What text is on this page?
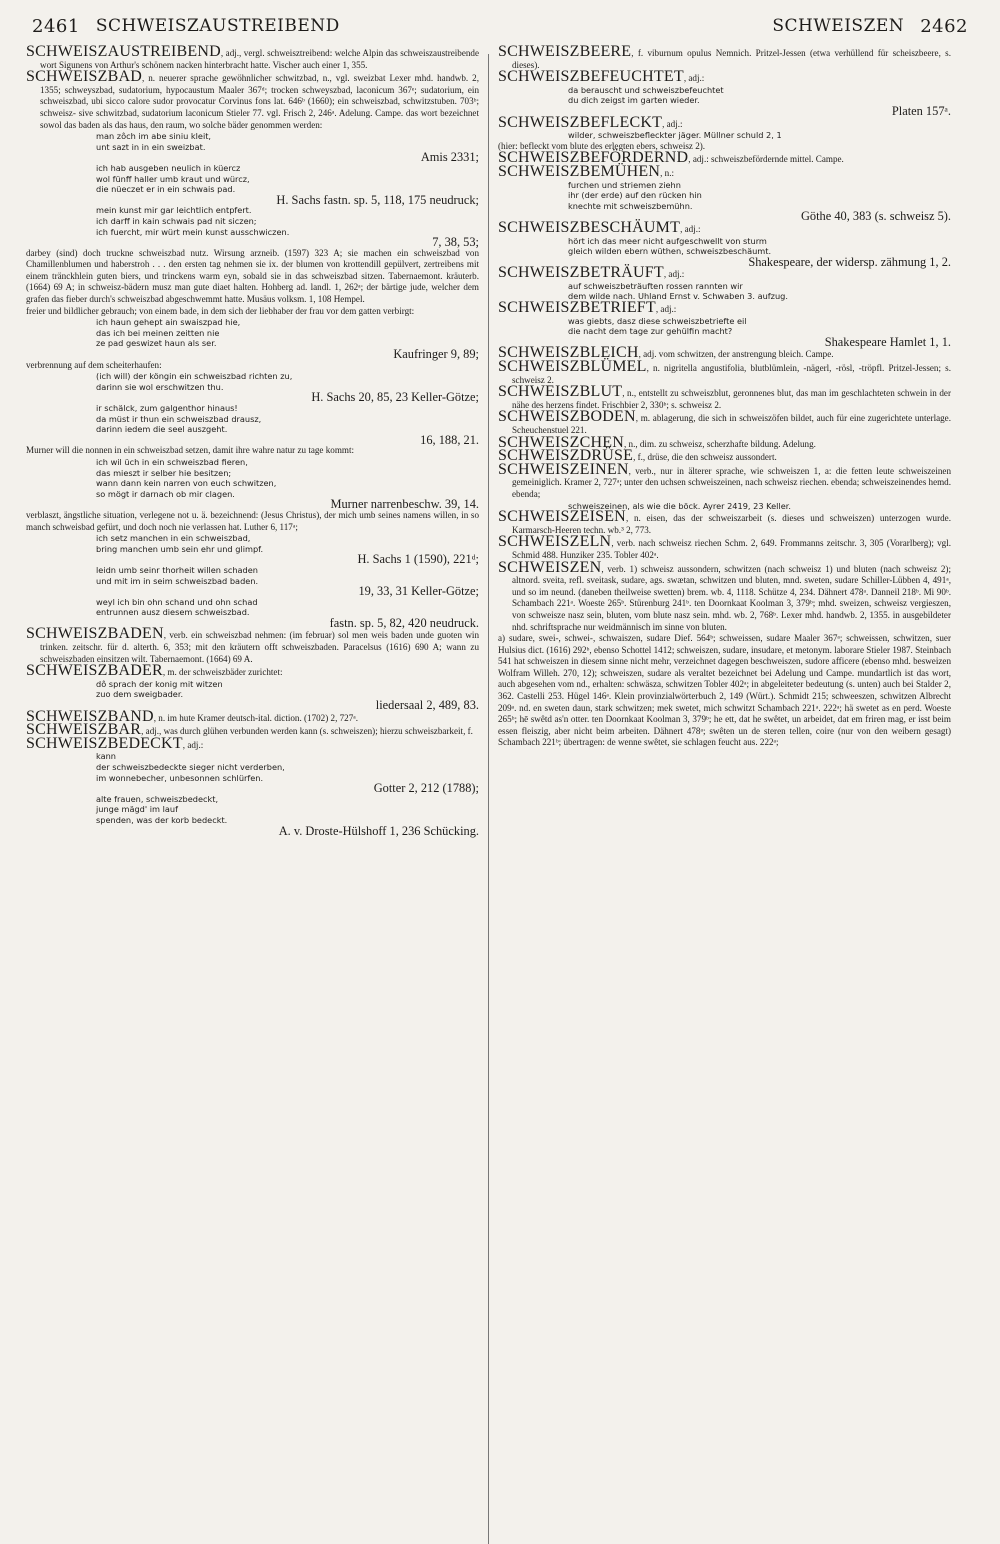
2461 SCHWEISZAUSTREIBEND	SCHWEISZEN 2462

SCHWEISZAUSTREIBEND, adj., vergl. schweisztreibend: welche Alpin das schweiszaustreibende wort Sigunens von Arthur's schönem nacken hinterbracht hatte. Vischer auch einer 1, 355.

SCHWEISZBAD, n. neuerer sprache gewöhnlicher schwitzbad, n., vgl. sweizbat Lexer mhd. handwb. 2, 1355; schweyszbad, sudatorium, hypocaustum Maaler 367ᵈ; trocken schweyszbad, laconicum 367ᵉ; sudatorium, ein schweiszbad, ubi sicco calore sudor provocatur Corvinus fons lat. 646ᵇ (1660); ein schweiszbad, schwitzstuben. 703ᵇ; schweisz- sive schwitzbad, sudatorium laconicum Stieler 77. vgl. Frisch 2, 246ᵃ. Adelung. Campe. das wort bezeichnet sowol das baden als das haus, den raum, wo solche bäder genommen werden:

man zôch im abe siniu kleit,
unt sazt in in ein sweizbat.
Amis 2331;
ich hab ausgeben neulich in küercz
wol fünff haller umb kraut und würcz,
die nüeczet er in ein schwais pad.
H. Sachs fastn. sp. 5, 118, 175 neudruck;
mein kunst mir gar leichtlich entpfert.
ich darff in kain schwais pad nit siczen;
ich fuercht, mir würt mein kunst ausschwiczen.
7, 38, 53;

darbey (sind) doch truckne schweiszbad nutz. Wirsung arzneib. (1597) 323 A; sie machen ein schweiszbad von Chamillenblumen und haberstroh . . . den ersten tag nehmen sie ix. der blumen von krottendill gepülvert, zertreibens mit einem tränckhlein guten biers, und trinckens warm eyn, sobald sie in das schweiszbad sitzen. Tabernaemont. kräuterb. (1664) 69 A; in schweisz-bädern musz man gute diaet halten. Hohberg ad. landl. 1, 262ᵃ; der bärtige jude, welcher dem grafen das fieber durch's schweiszbad abgeschwemmt hatte. Musäus volksm. 1, 108 Hempel.

freier und bildlicher gebrauch; von einem bade, in dem sich der liebhaber der frau vor dem gatten verbirgt:

ich haun gehept ain swaiszpad hie,
das ich bei meinen zeitten nie
ze pad geswizet haun als ser.
Kaufringer 9, 89;

verbrennung auf dem scheiterhaufen:

(ich will) der köngin ein schweiszbad richten zu,
darinn sie wol erschwitzen thu.
H. Sachs 20, 85, 23 Keller-Götze;
ir schälck, zum galgenthor hinaus!
da müst ir thun ein schweiszbad drausz,
darinn iedem die seel auszgeht.
16, 188, 21.

Murner will die nonnen in ein schweiszbad setzen, damit ihre wahre natur zu tage kommt:

ich wil üch in ein schweiszbad fieren,
das mieszt ir selber hie besitzen;
wann dann kein narren von euch schwitzen,
so mögt ir darnach ob mir clagen.
Murner narrenbeschw. 39, 14.

verblaszt, ängstliche situation, verlegene not u. ä. bezeichnend: (Jesus Christus), der mich umb seines namens willen, in so manch schweisbad gefürt, und doch noch nie verlassen hat. Luther 6, 117ᵃ;

ich setz manchen in ein schweiszbad,
bring manchen umb sein ehr und glimpf.
H. Sachs 1 (1590), 221ᵈ;
leidn umb seinr thorheit willen schaden
und mit im in seim schweiszbad baden.
19, 33, 31 Keller-Götze;
weyl ich bin ohn schand und ohn schad
entrunnen ausz diesem schweiszbad.
fastn. sp. 5, 82, 420 neudruck.

SCHWEISZBADEN, verb. ein schweiszbad nehmen: (im februar) sol men weis baden unde guoten win trinken. zeitschr. für d. alterth. 6, 353; mit den kräutern offt schweiszbaden. Paracelsus (1616) 690 A; wann zu schweiszbaden einsitzen wilt. Tabernaemont. (1664) 69 A.

SCHWEISZBADER, m. der schweiszbäder zurichtet:

dô sprach der konig mit witzen
zuo dem sweigbader.
liedersaal 2, 489, 83.

SCHWEISZBAND, n. im hute Kramer deutsch-ital. diction. (1702) 2, 727ᵃ.

SCHWEISZBAR, adj., was durch glühen verbunden werden kann (s. schweiszen); hierzu schweiszbarkeit, f.

SCHWEISZBEDECKT, adj.:

kann
der schweiszbedeckte sieger nicht verderben,
im wonnebecher, unbesonnen schlürfen.
Gotter 2, 212 (1788);
alte frauen, schweiszbedeckt,
junge mägd' im lauf
spenden, was der korb bedeckt.
A. v. Droste-Hülshoff 1, 236 Schücking.

SCHWEISZBEERE, f. viburnum opulus Nemnich. Pritzel-Jessen (etwa verhüllend für scheiszbeere, s. dieses).

SCHWEISZBEFEUCHTET, adj.:

da berauscht und schweiszbefeuchtet
du dich zeigst im garten wieder.
Platen 157ᵃ.

SCHWEISZBEFLECKT, adj.:

wilder, schweiszbefleckter jäger. Müllner schuld 2, 1

(hier: befleckt vom blute des erlegten ebers, schweisz 2).

SCHWEISZBEFÖRDERND, adj.: schweiszbefördernde mittel. Campe.

SCHWEISZBEMÜHEN, n.:

furchen und striemen ziehn
ihr (der erde) auf den rücken hin
knechte mit schweiszbemühn.
Göthe 40, 383 (s. schweisz 5).

SCHWEISZBESCHÄUMT, adj.:

hört ich das meer nicht aufgeschwellt von sturm
gleich wilden ebern wüthen, schweiszbeschäumt.
Shakespeare, der widersp. zähmung 1, 2.

SCHWEISZBETRÄUFT, adj.:

auf schweiszbeträuften rossen rannten wir
dem wilde nach. Uhland Ernst v. Schwaben 3. aufzug.

SCHWEISZBETRIEFT, adj.:

was giebts, dasz diese schweiszbetriefte eil
die nacht dem tage zur gehülfin macht?
Shakespeare Hamlet 1, 1.

SCHWEISZBLEICH, adj. vom schwitzen, der anstrengung bleich. Campe.

SCHWEISZBLÜMEL, n. nigritella angustifolia, blutblümlein, -nägerl, -rösl, -tröpfl. Pritzel-Jessen; s. schweisz 2.

SCHWEISZBLUT, n., entstellt zu schweiszblut, geronnenes blut, das man im geschlachteten schwein in der nähe des herzens findet. Frischbier 2, 330ᵇ; s. schweisz 2.

SCHWEISZBODEN, m. ablagerung, die sich in schweiszöfen bildet, auch für eine zugerichtete unterlage. Scheuchenstuel 221.

SCHWEISZCHEN, n., dim. zu schweisz, scherzhafte bildung. Adelung.

SCHWEISZDRÜSE, f., drüse, die den schweisz aussondert.

SCHWEISZEINEN, verb., nur in älterer sprache, wie schweiszen 1, a: die fetten leute schweiszeinen gemeiniglich. Kramer 2, 727ᵃ; unter den uchsen schweiszeinen, nach schweisz riechen. ebenda; schweiszeinendes hemd. ebenda;

schweiszeinen, als wie die böck. Ayrer 2419, 23 Keller.

SCHWEISZEISEN, n. eisen, das der schweiszarbeit (s. dieses und schweiszen) unterzogen wurde. Karmarsch-Heeren techn. wb.³ 2, 773.

SCHWEISZELN, verb. nach schweisz riechen Schm. 2, 649. Frommanns zeitschr. 3, 305 (Vorarlberg); vgl. Schmid 488. Hunziker 235. Tobler 402ᵃ.

SCHWEISZEN, verb. 1) schweisz aussondern, schwitzen (nach schweisz 1) und bluten (nach schweisz 2); altnord. sveita, refl. sveitask, sudare, ags. swætan, schwitzen und bluten, mnd. sweten, sudare Schiller-Lübben 4, 491ᵃ, und so im neund. (daneben theilweise swetten) brem. wb. 4, 1118. Schütze 4, 234. Dähnert 478ᵃ. Danneil 218ᵇ. Mi 90ᵇ. Schambach 221ᵃ. Woeste 265ᵇ. Stürenburg 241ᵇ. ten Doornkaat Koolman 3, 379ᵇ; mhd. sweizen, schweisz vergieszen, von schweisze nasz sein, bluten, vom blute nasz sein. mhd. wb. 2, 768ᵇ. Lexer mhd. handwb. 2, 1355. in ausgebildeter nhd. schriftsprache nur weidmännisch im sinne von bluten.

a) sudare, swei-, schwei-, schwaiszen, sudare Dief. 564ᵇ; schweissen, sudare Maaler 367ᵃ; schweissen, schwitzen, suer Hulsius dict. (1616) 292ᵇ, ebenso Schottel 1412; schweiszen, sudare, insudare, et metonym. laborare Stieler 1987. Steinbach 541 hat schweiszen in diesem sinne nicht mehr, verzeichnet dagegen beschweiszen, sudore afficere (ebenso mhd. besweizen Wolfram Willeh. 270, 12); schweiszen, sudare als veraltet bezeichnet bei Adelung und Campe. mundartlich ist das wort, auch abgesehen vom nd., erhalten: schwäsza, schwitzen Tobler 402ᵃ; in abgeleiteter bedeutung (s. unten) auch bei Stalder 2, 362. Castelli 253. Hügel 146ᵃ. Klein provinzialwörterbuch 2, 149 (Würt.). Schmidt 215; schweeszen, schwitzen Albrecht 209ᵃ. nd. en sweten daun, stark schwitzen; mek swetet, mich schwitzt Schambach 221ᵃ. 222ᵃ; hä swetet as en perd. Woeste 265ᵇ; hē swêtd as'n otter. ten Doornkaat Koolman 3, 379ᵇ; he ett, dat he swêtet, un arbeidet, dat em friren mag, er isst beim essen fleiszig, aber nicht beim arbeiten. Dähnert 478ᵃ; swêten un de steren tellen, coire (nur von den weibern gesagt) Schambach 221ᵇ; übertragen: de wenne swêtet, sie schlagen feucht aus. 222ᵃ;
